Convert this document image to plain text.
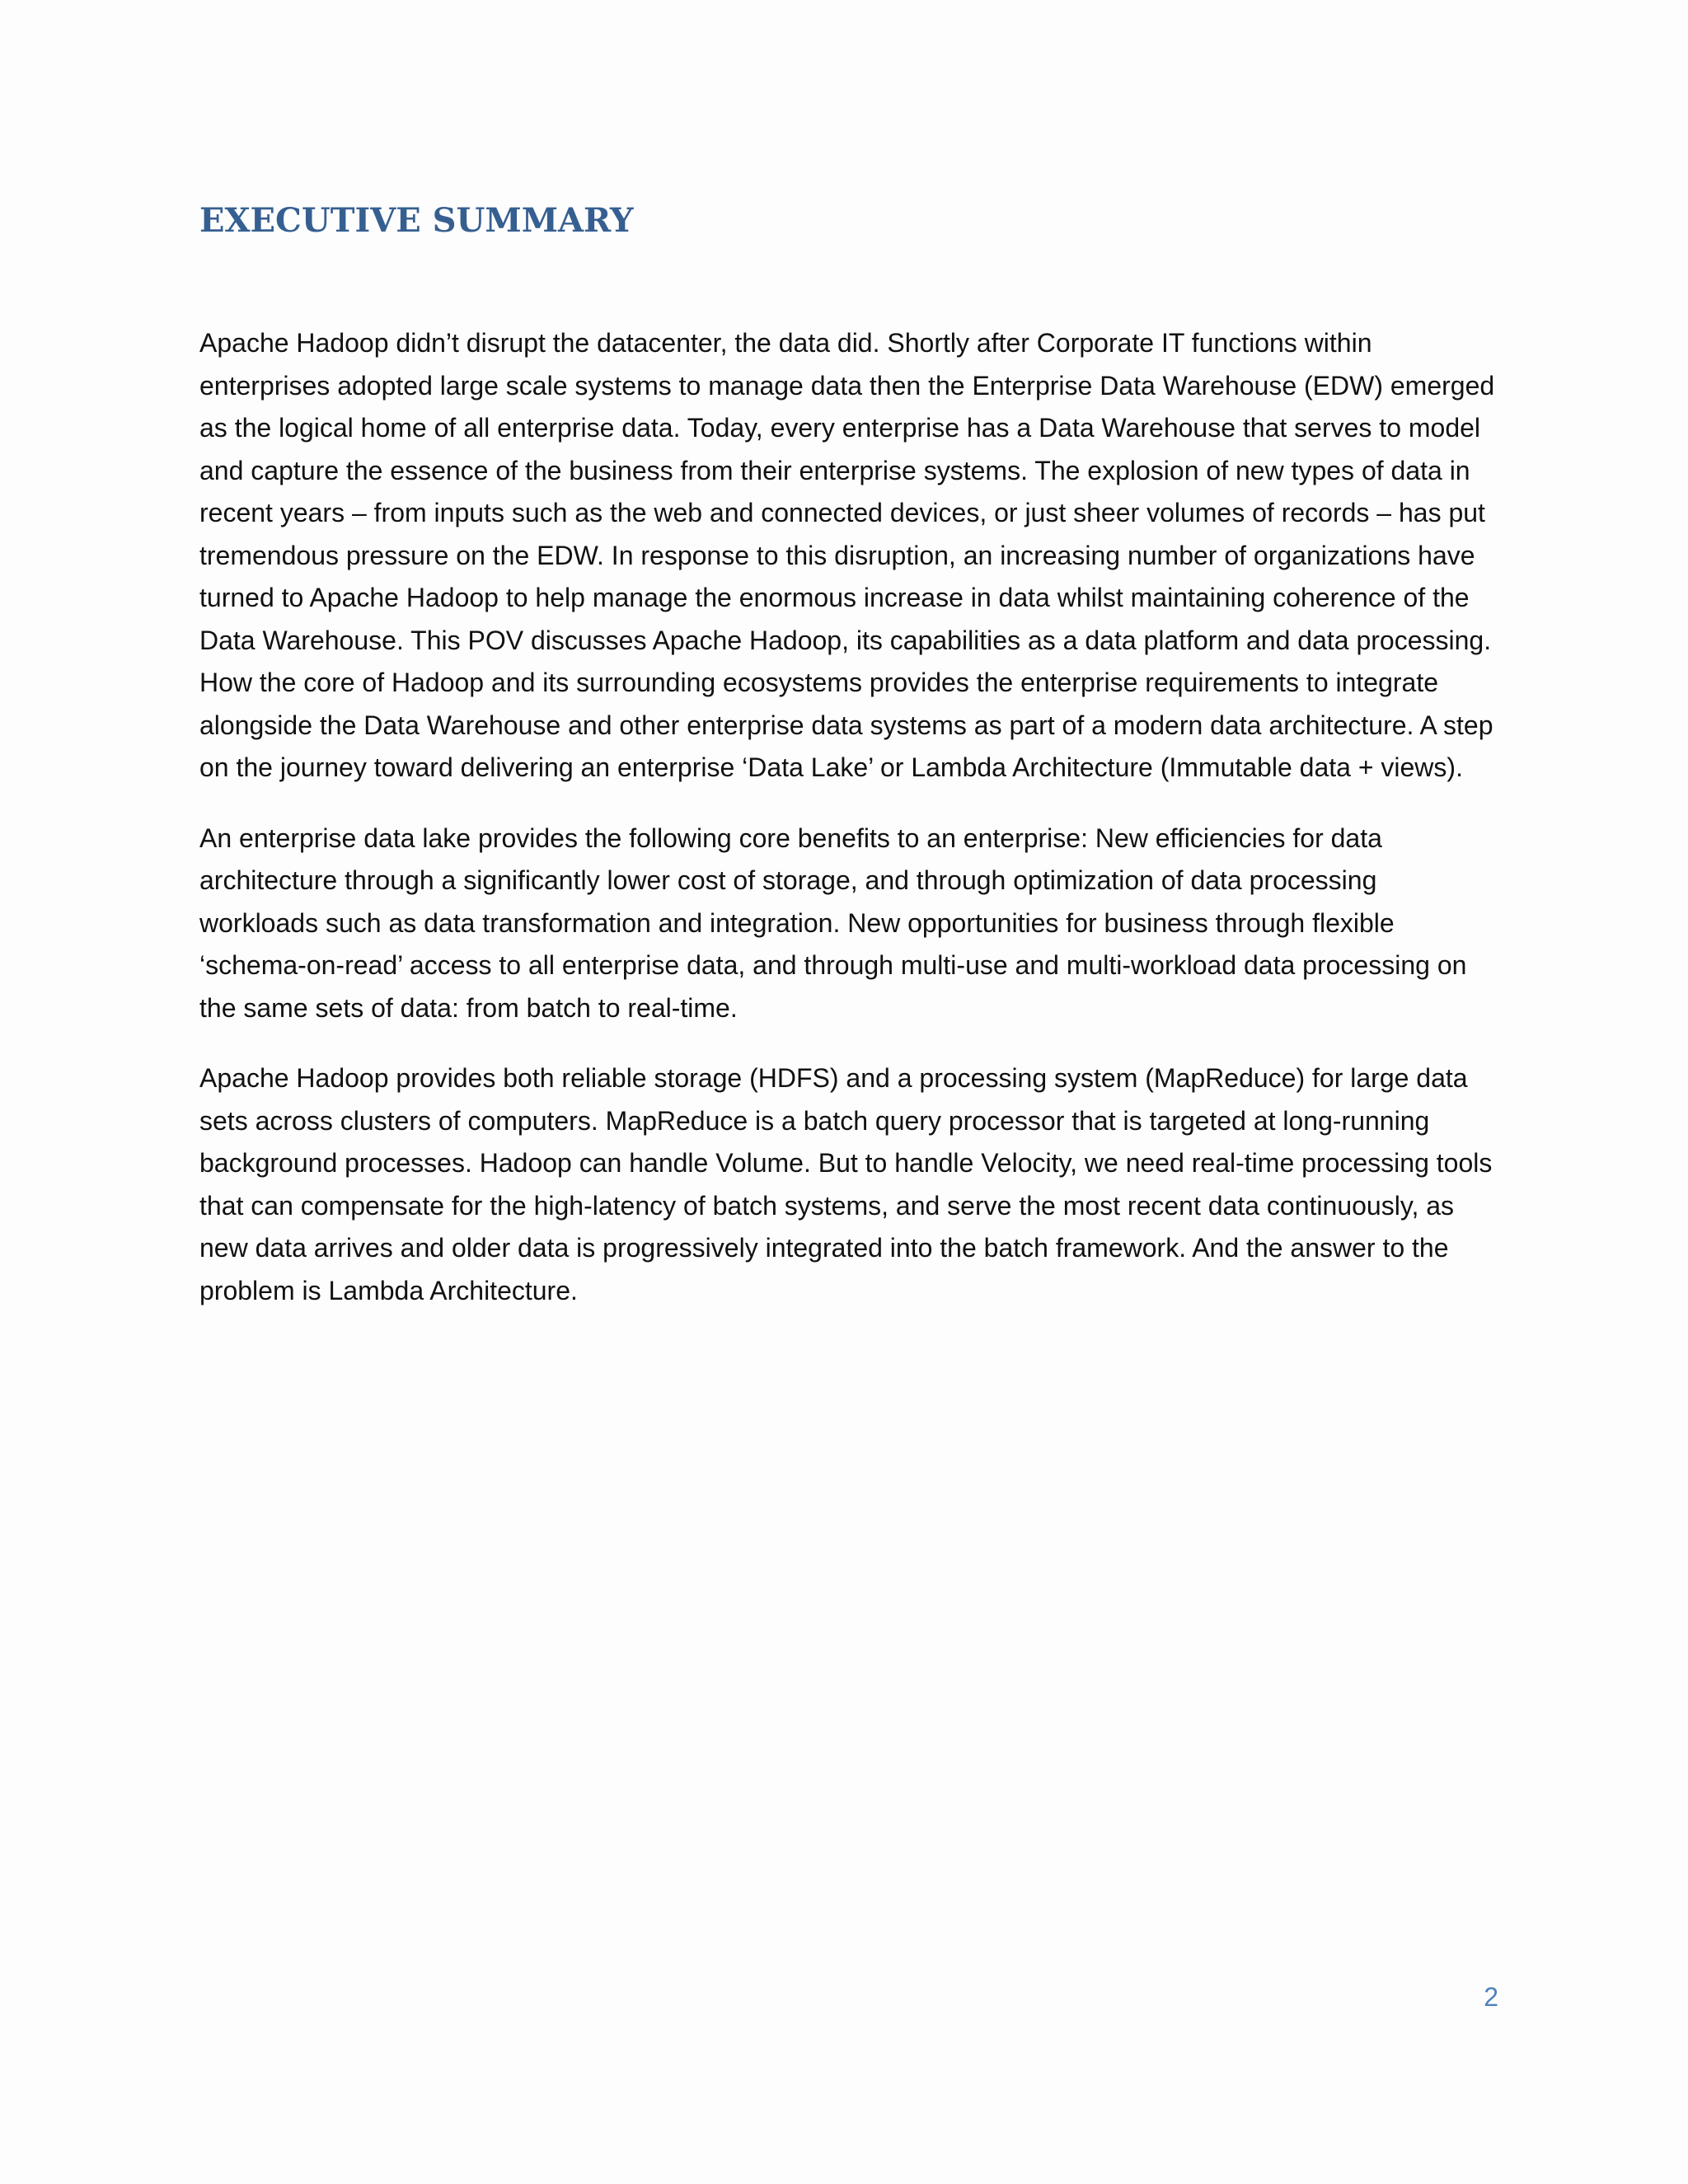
EXECUTIVE SUMMARY

Apache Hadoop didn’t disrupt the datacenter, the data did. Shortly after Corporate IT functions within enterprises adopted large scale systems to manage data then the Enterprise Data Warehouse (EDW) emerged as the logical home of all enterprise data. Today, every enterprise has a Data Warehouse that serves to model and capture the essence of the business from their enterprise systems. The explosion of new types of data in recent years – from inputs such as the web and connected devices, or just sheer volumes of records – has put tremendous pressure on the EDW. In response to this disruption, an increasing number of organizations have turned to Apache Hadoop to help manage the enormous increase in data whilst maintaining coherence of the Data Warehouse. This POV discusses Apache Hadoop, its capabilities as a data platform and data processing. How the core of Hadoop and its surrounding ecosystems provides the enterprise requirements to integrate alongside the Data Warehouse and other enterprise data systems as part of a modern data architecture. A step on the journey toward delivering an enterprise ‘Data Lake’ or Lambda Architecture (Immutable data + views).

An enterprise data lake provides the following core benefits to an enterprise: New efficiencies for data architecture through a significantly lower cost of storage, and through optimization of data processing workloads such as data transformation and integration. New opportunities for business through flexible ‘schema-on-read’ access to all enterprise data, and through multi-use and multi-workload data processing on the same sets of data: from batch to real-time.

Apache Hadoop provides both reliable storage (HDFS) and a processing system (MapReduce) for large data sets across clusters of computers. MapReduce is a batch query processor that is targeted at long-running background processes. Hadoop can handle Volume. But to handle Velocity, we need real-time processing tools that can compensate for the high-latency of batch systems, and serve the most recent data continuously, as new data arrives and older data is progressively integrated into the batch framework. And the answer to the problem is Lambda Architecture.

2
